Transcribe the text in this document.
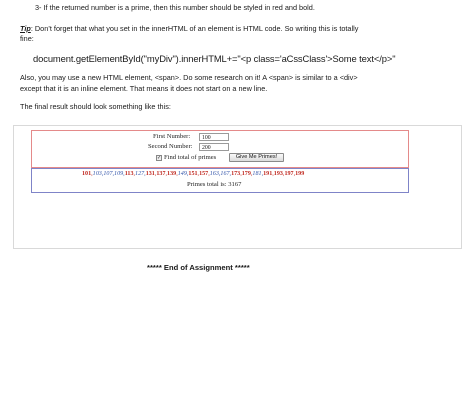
3- If the returned number is a prime, then this number should be styled in red and bold.
Tip: Don’t forget that what you set in the innerHTML of an element is HTML code. So writing this is totally
fine:
document.getElementById("myDiv").innerHTML+="<p class='aCssClass'>Some text</p>"
Also, you may use a new HTML element, <span>. Do some research on it! A <span> is similar to a <div>
except that it is an inline element. That means it does not start on a new line.
The final result should look something like this:
First Number:	100
Second Number:	200
✓ Find total of primes	Give Me Primes!
101,103,107,109,113,127,131,137,139,149,151,157,163,167,173,179,181,191,193,197,199
Primes total is: 3167
***** End of Assignment *****
